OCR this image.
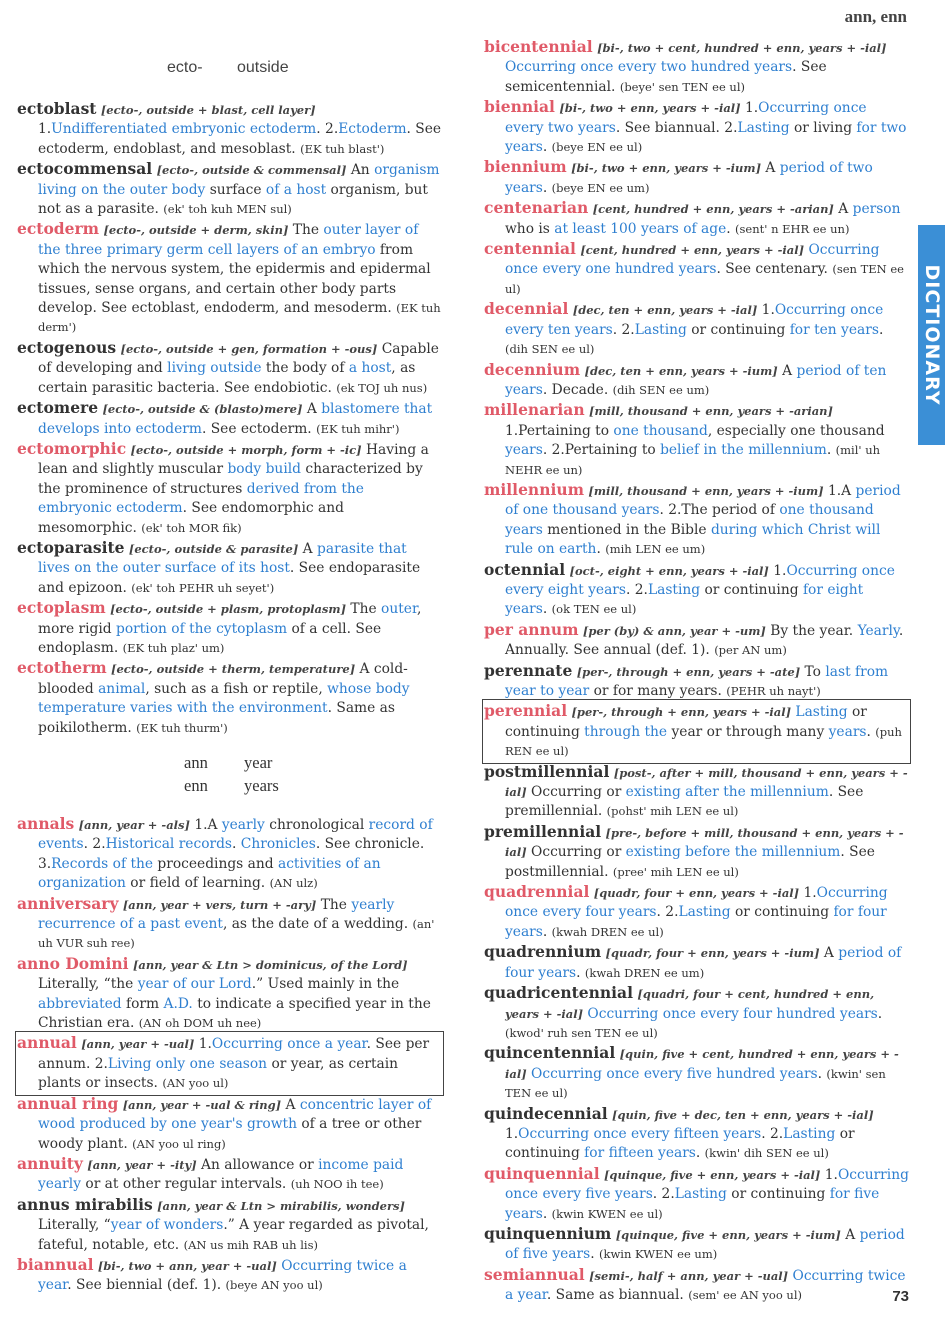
ann, enn
DICTIONARY
73
ecto-	outside

ectoblast [ecto-, outside + blast, cell layer] 1.Undifferentiated embryonic ectoderm. 2.Ectoderm. See ectoderm, endoblast, and mesoblast. (EK tuh blast')

ectocommensal [ecto-, outside & commensal] An organism living on the outer body surface of a host organism, but not as a parasite. (ek' toh kuh MEN sul)

ectoderm [ecto-, outside + derm, skin] The outer layer of the three primary germ cell layers of an embryo from which the nervous system, the epidermis and epidermal tissues, sense organs, and certain other body parts develop. See ectoblast, endoderm, and mesoderm. (EK tuh derm')

ectogenous [ecto-, outside + gen, formation + -ous] Capable of developing and living outside the body of a host, as certain parasitic bacteria. See endobiotic. (ek TOJ uh nus)

ectomere [ecto-, outside & (blasto)mere] A blastomere that develops into ectoderm. See ectoderm. (EK tuh mihr')

ectomorphic [ecto-, outside + morph, form + -ic] Having a lean and slightly muscular body build characterized by the prominence of structures derived from the embryonic ectoderm. See endomorphic and mesomorphic. (ek' toh MOR fik)

ectoparasite [ecto-, outside & parasite] A parasite that lives on the outer surface of its host. See endoparasite and epizoon. (ek' toh PEHR uh seyet')

ectoplasm [ecto-, outside + plasm, protoplasm] The outer, more rigid portion of the cytoplasm of a cell. See endoplasm. (EK tuh plaz' um)

ectotherm [ecto-, outside + therm, temperature] A cold-blooded animal, such as a fish or reptile, whose body temperature varies with the environment. Same as poikilotherm. (EK tuh thurm')

ann	year
enn	years

annals [ann, year + -als] 1.A yearly chronological record of events. 2.Historical records. Chronicles. See chronicle. 3.Records of the proceedings and activities of an organization or field of learning. (AN ulz)

anniversary [ann, year + vers, turn + -ary] The yearly recurrence of a past event, as the date of a wedding. (an' uh VUR suh ree)

anno Domini [ann, year & Ltn > dominicus, of the Lord] Literally, “the year of our Lord.” Used mainly in the abbreviated form A.D. to indicate a specified year in the Christian era. (AN oh DOM uh nee)

annual [ann, year + -ual] 1.Occurring once a year. See per annum. 2.Living only one season or year, as certain plants or insects. (AN yoo ul)

annual ring [ann, year + -ual & ring] A concentric layer of wood produced by one year's growth of a tree or other woody plant. (AN yoo ul ring)

annuity [ann, year + -ity] An allowance or income paid yearly or at other regular intervals. (uh NOO ih tee)

annus mirabilis [ann, year & Ltn > mirabilis, wonders] Literally, “year of wonders.” A year regarded as pivotal, fateful, notable, etc. (AN us mih RAB uh lis)

biannual [bi-, two + ann, year + -ual] Occurring twice a year. See biennial (def. 1). (beye AN yoo ul)

bicentennial [bi-, two + cent, hundred + enn, years + -ial] Occurring once every two hundred years. See semicentennial. (beye' sen TEN ee ul)

biennial [bi-, two + enn, years + -ial] 1.Occurring once every two years. See biannual. 2.Lasting or living for two years. (beye EN ee ul)

biennium [bi-, two + enn, years + -ium] A period of two years. (beye EN ee um)

centenarian [cent, hundred + enn, years + -arian] A person who is at least 100 years of age. (sent' n EHR ee un)

centennial [cent, hundred + enn, years + -ial] Occurring once every one hundred years. See centenary. (sen TEN ee ul)

decennial [dec, ten + enn, years + -ial] 1.Occurring once every ten years. 2.Lasting or continuing for ten years. (dih SEN ee ul)

decennium [dec, ten + enn, years + -ium] A period of ten years. Decade. (dih SEN ee um)

millenarian [mill, thousand + enn, years + -arian] 1.Pertaining to one thousand, especially one thousand years. 2.Pertaining to belief in the millennium. (mil' uh NEHR ee un)

millennium [mill, thousand + enn, years + -ium] 1.A period of one thousand years. 2.The period of one thousand years mentioned in the Bible during which Christ will rule on earth. (mih LEN ee um)

octennial [oct-, eight + enn, years + -ial] 1.Occurring once every eight years. 2.Lasting or continuing for eight years. (ok TEN ee ul)

per annum [per (by) & ann, year + -um] By the year. Yearly. Annually. See annual (def. 1). (per AN um)

perennate [per-, through + enn, years + -ate] To last from year to year or for many years. (PEHR uh nayt')

perennial [per-, through + enn, years + -ial] Lasting or continuing through the year or through many years. (puh REN ee ul)

postmillennial [post-, after + mill, thousand + enn, years + -ial] Occurring or existing after the millennium. See premillennial. (pohst' mih LEN ee ul)

premillennial [pre-, before + mill, thousand + enn, years + -ial] Occurring or existing before the millennium. See postmillennial. (pree' mih LEN ee ul)

quadrennial [quadr, four + enn, years + -ial] 1.Occurring once every four years. 2.Lasting or continuing for four years. (kwah DREN ee ul)

quadrennium [quadr, four + enn, years + -ium] A period of four years. (kwah DREN ee um)

quadricentennial [quadri, four + cent, hundred + enn, years + -ial] Occurring once every four hundred years. (kwod' ruh sen TEN ee ul)

quincentennial [quin, five + cent, hundred + enn, years + -ial] Occurring once every five hundred years. (kwin' sen TEN ee ul)

quindecennial [quin, five + dec, ten + enn, years + -ial] 1.Occurring once every fifteen years. 2.Lasting or continuing for fifteen years. (kwin' dih SEN ee ul)

quinquennial [quinque, five + enn, years + -ial] 1.Occurring once every five years. 2.Lasting or continuing for five years. (kwin KWEN ee ul)

quinquennium [quinque, five + enn, years + -ium] A period of five years. (kwin KWEN ee um)

semiannual [semi-, half + ann, year + -ual] Occurring twice a year. Same as biannual. (sem' ee AN yoo ul)
